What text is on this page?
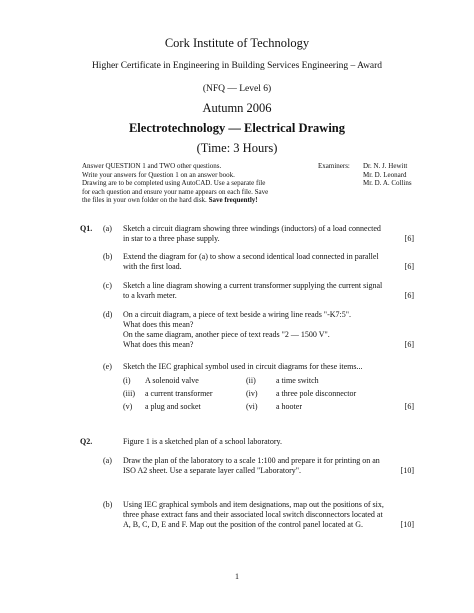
Cork Institute of Technology
Higher Certificate in Engineering in Building Services Engineering – Award
(NFQ — Level 6)
Autumn 2006
Electrotechnology — Electrical Drawing
(Time: 3 Hours)
Answer QUESTION 1 and TWO other questions.
Write your answers for Question 1 on an answer book.
Drawing are to be completed using AutoCAD. Use a separate file
for each question and ensure your name appears on each file. Save
the files in your own folder on the hard disk. Save frequently!
Examiners: Dr. N. J. Hewitt
Mr. D. Leonard
Mr. D. A. Collins
Q1. (a) Sketch a circuit diagram showing three windings (inductors) of a load connected
in star to a three phase supply.	[6]
(b) Extend the diagram for (a) to show a second identical load connected in parallel
with the first load.	[6]
(c) Sketch a line diagram showing a current transformer supplying the current signal
to a kvarh meter.	[6]
(d) On a circuit diagram, a piece of text beside a wiring line reads "-K7:5".
What does this mean?
On the same diagram, another piece of text reads "2 — 1500 V".
What does this mean?	[6]
(e) Sketch the IEC graphical symbol used in circuit diagrams for these items...
(i) A solenoid valve	(ii)	a time switch
(iii) a current transformer	(iv) a three pole disconnector
(v) a plug and socket	(vi) a hooter	[6]
Q2.	Figure 1 is a sketched plan of a school laboratory.
(a) Draw the plan of the laboratory to a scale 1:100 and prepare it for printing on an
ISO A2 sheet. Use a separate layer called "Laboratory".	[10]
(b) Using IEC graphical symbols and item designations, map out the positions of six,
three phase extract fans and their associated local switch disconnectors located at
A, B, C, D, E and F. Map out the position of the control panel located at G.	[10]
1
